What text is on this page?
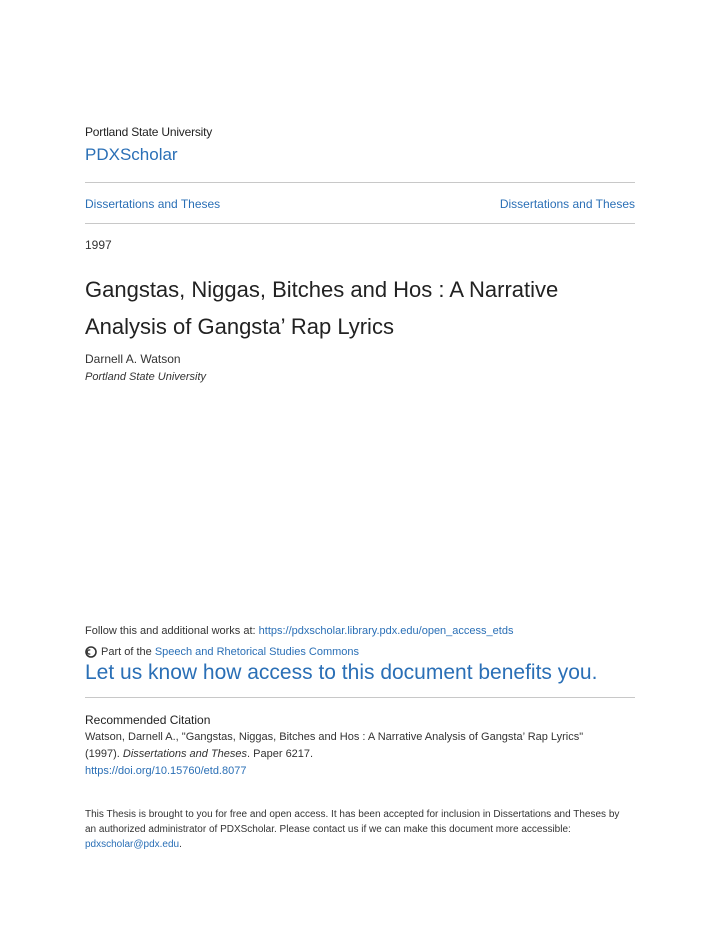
Portland State University
PDXScholar
Dissertations and Theses	Dissertations and Theses
1997
Gangstas, Niggas, Bitches and Hos : A Narrative Analysis of Gangsta’ Rap Lyrics
Darnell A. Watson
Portland State University
Follow this and additional works at: https://pdxscholar.library.pdx.edu/open_access_etds
Part of the Speech and Rhetorical Studies Commons
Let us know how access to this document benefits you.
Recommended Citation
Watson, Darnell A., "Gangstas, Niggas, Bitches and Hos : A Narrative Analysis of Gangsta’ Rap Lyrics"
(1997). Dissertations and Theses. Paper 6217.
https://doi.org/10.15760/etd.8077
This Thesis is brought to you for free and open access. It has been accepted for inclusion in Dissertations and Theses by an authorized administrator of PDXScholar. Please contact us if we can make this document more accessible: pdxscholar@pdx.edu.
